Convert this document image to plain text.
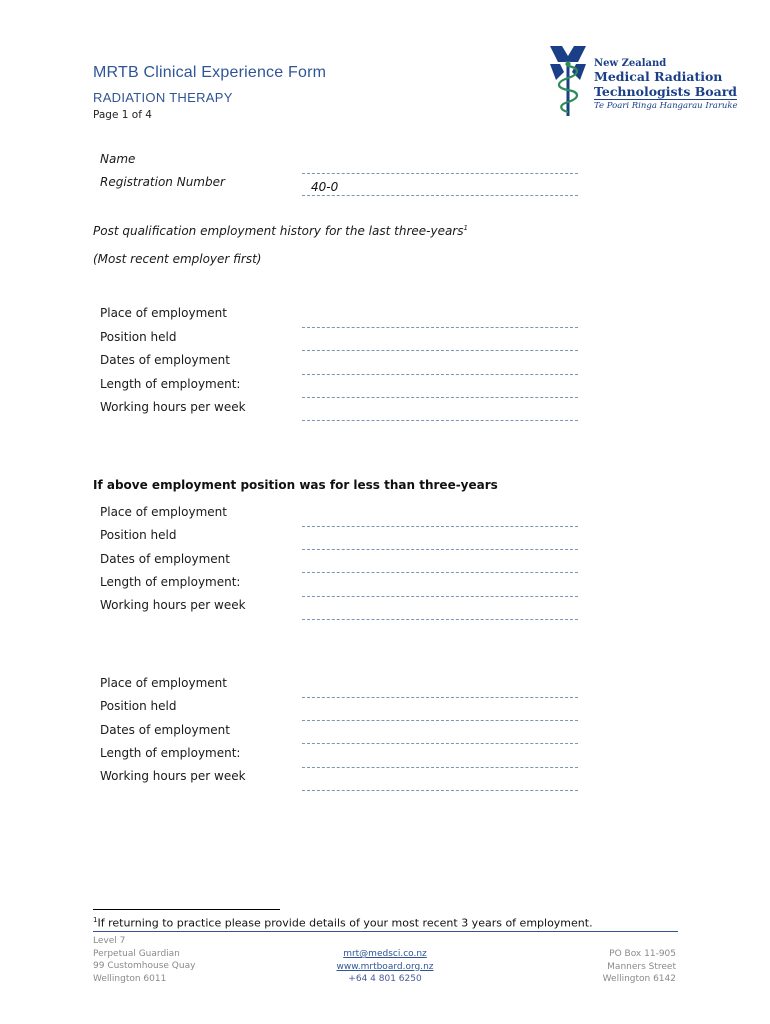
MRTB Clinical Experience Form
RADIATION THERAPY
Page 1 of 4
New Zealand
Medical Radiation
Technologists Board
Te Poari Ringa Hangarau Iraruke
Name
Registration Number	40-0
Post qualification employment history for the last three-years$^1$
(Most recent employer first)
Place of employment
Position held
Dates of employment
Length of employment:
Working hours per week
If above employment position was for less than three-years
Place of employment
Position held
Dates of employment
Length of employment:
Working hours per week
Place of employment
Position held
Dates of employment
Length of employment:
Working hours per week
$^1$If returning to practice please provide details of your most recent 3 years of employment.
Level 7
Perpetual Guardian
99 Customhouse Quay
Wellington 6011
mrt@medsci.co.nz
www.mrtboard.org.nz
+64 4 801 6250
PO Box 11-905
Manners Street
Wellington 6142
